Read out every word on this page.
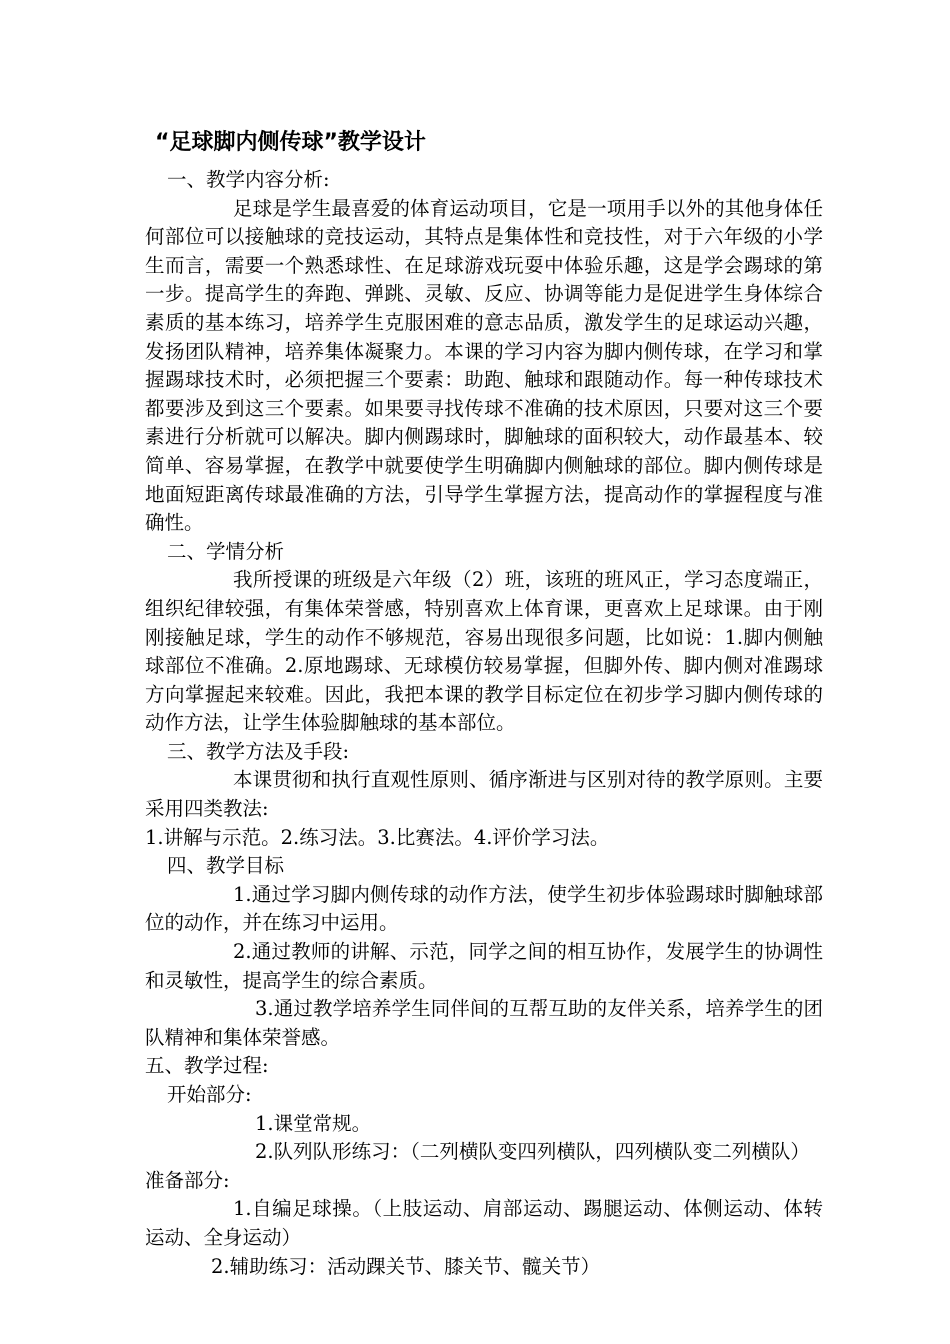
“足球脚内侧传球”教学设计

一、教学内容分析:

足球是学生最喜爱的体育运动项目，它是一项用手以外的其他身体任何部位可以接触球的竞技运动，其特点是集体性和竞技性，对于六年级的小学生而言，需要一个熟悉球性、在足球游戏玩耍中体验乐趣，这是学会踢球的第一步。提高学生的奔跑、弹跳、灵敏、反应、协调等能力是促进学生身体综合素质的基本练习，培养学生克服困难的意志品质，激发学生的足球运动兴趣，发扬团队精神，培养集体凝聚力。本课的学习内容为脚内侧传球，在学习和掌握踢球技术时，必须把握三个要素：助跑、触球和跟随动作。每一种传球技术都要涉及到这三个要素。如果要寻找传球不准确的技术原因，只要对这三个要素进行分析就可以解决。脚内侧踢球时，脚触球的面积较大，动作最基本、较简单、容易掌握，在教学中就要使学生明确脚内侧触球的部位。脚内侧传球是地面短距离传球最准确的方法，引导学生掌握方法，提高动作的掌握程度与准确性。

二、学情分析

我所授课的班级是六年级（2）班，该班的班风正，学习态度端正，组织纪律较强，有集体荣誉感，特别喜欢上体育课，更喜欢上足球课。由于刚刚接触足球，学生的动作不够规范，容易出现很多问题，比如说：1.脚内侧触球部位不准确。2.原地踢球、无球模仿较易掌握，但脚外传、脚内侧对准踢球方向掌握起来较难。因此，我把本课的教学目标定位在初步学习脚内侧传球的动作方法，让学生体验脚触球的基本部位。

三、教学方法及手段:

本课贯彻和执行直观性原则、循序渐进与区别对待的教学原则。主要采用四类教法:

1.讲解与示范。2.练习法。3.比赛法。4.评价学习法。

四、教学目标

1.通过学习脚内侧传球的动作方法，使学生初步体验踢球时脚触球部位的动作，并在练习中运用。

2.通过教师的讲解、示范，同学之间的相互协作，发展学生的协调性和灵敏性，提高学生的综合素质。

3.通过教学培养学生同伴间的互帮互助的友伴关系，培养学生的团队精神和集体荣誉感。

五、教学过程:

开始部分:

1.课堂常规。

2.队列队形练习：（二列横队变四列横队，四列横队变二列横队）

准备部分:

1.自编足球操。（上肢运动、肩部运动、踢腿运动、体侧运动、体转运动、全身运动）

2.辅助练习：活动踝关节、膝关节、髋关节）
